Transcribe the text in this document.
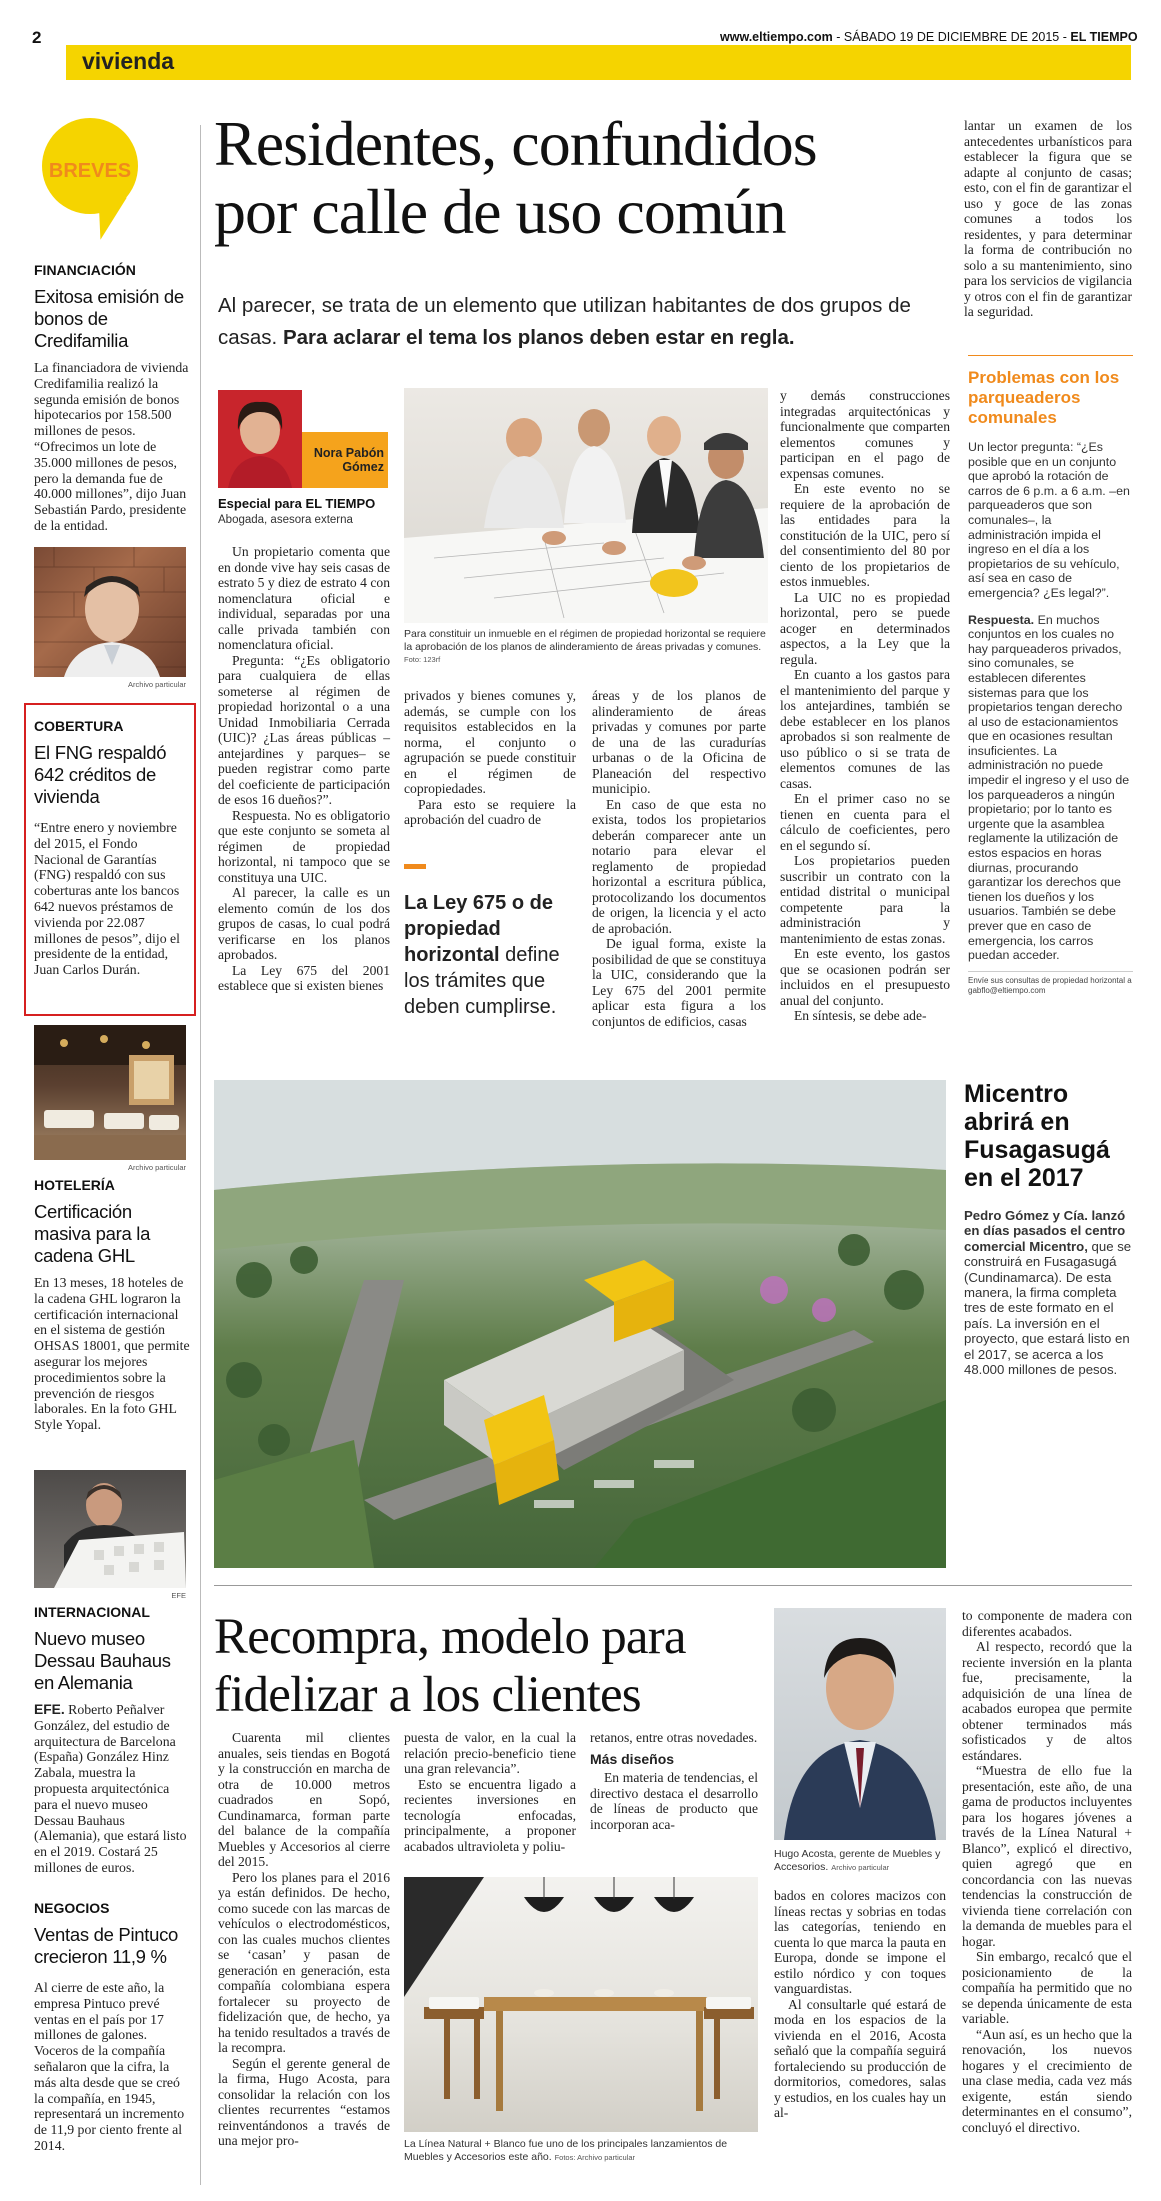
2
vivienda
www.eltiempo.com - SÁBADO 19 DE DICIEMBRE DE 2015 - EL TIEMPO
BREVES
FINANCIACIÓN
Exitosa emisión de bonos de Credifamilia
La financiadora de vivienda Credifamilia realizó la segunda emisión de bonos hipotecarios por 158.500 millones de pesos. “Ofrecimos un lote de 35.000 millones de pesos, pero la demanda fue de 40.000 millones”, dijo Juan Sebastián Pardo, presidente de la entidad.
Archivo particular
COBERTURA
El FNG respaldó 642 créditos de vivienda
“Entre enero y noviembre del 2015, el Fondo Nacional de Garantías (FNG) respaldó con sus coberturas ante los bancos 642 nuevos préstamos de vivienda por 22.087 millones de pesos”, dijo el presidente de la entidad, Juan Carlos Durán.
Archivo particular
HOTELERÍA
Certificación masiva para la cadena GHL
En 13 meses, 18 hoteles de la cadena GHL lograron la certificación internacional en el sistema de gestión OHSAS 18001, que permite asegurar los mejores procedimientos sobre la prevención de riesgos laborales. En la foto GHL Style Yopal.
EFE
INTERNACIONAL
Nuevo museo Dessau Bauhaus en Alemania
EFE. Roberto Peñalver González, del estudio de arquitectura de Barcelona (España) González Hinz Zabala, muestra la propuesta arquitectónica para el nuevo museo Dessau Bauhaus (Alemania), que estará listo en el 2019. Costará 25 millones de euros.
NEGOCIOS
Ventas de Pintuco crecieron 11,9 %
Al cierre de este año, la empresa Pintuco prevé ventas en el país por 17 millones de galones. Voceros de la compañía señalaron que la cifra, la más alta desde que se creó la compañía, en 1945, representará un incremento de 11,9 por ciento frente al 2014.
Residentes, confundidos
por calle de uso común
Al parecer, se trata de un elemento que utilizan habitantes de dos grupos de casas. Para aclarar el tema los planos deben estar en regla.
Nora Pabón
Gómez
Especial para EL TIEMPO
Abogada, asesora externa
Para constituir un inmueble en el régimen de propiedad horizontal se requiere la aprobación de los planos de alinderamiento de áreas privadas y comunes. Foto: 123rf

Un propietario comenta que en donde vive hay seis casas de estrato 5 y diez de estrato 4 con nomenclatura oficial e individual, separadas por una calle privada también con nomenclatura oficial.

Pregunta: “¿Es obligatorio para cualquiera de ellas someterse al régimen de propiedad horizontal o a una Unidad Inmobiliaria Cerrada (UIC)? ¿Las áreas públicas –antejardines y parques– se pueden registrar como parte del coeficiente de participación de esos 16 dueños?”.

Respuesta. No es obligatorio que este conjunto se someta al régimen de propiedad horizontal, ni tampoco que se constituya una UIC.

Al parecer, la calle es un elemento común de los dos grupos de casas, lo cual podrá verificarse en los planos aprobados.

La Ley 675 del 2001 establece que si existen bienes

privados y bienes comunes y, además, se cumple con los requisitos establecidos en la norma, el conjunto o agrupación se puede constituir en el régimen de copropiedades.

Para esto se requiere la aprobación del cuadro de

La Ley 675 o de propiedad horizontal define los trámites que deben cumplirse.

áreas y de los planos de alinderamiento de áreas privadas y comunes por parte de una de las curadurías urbanas o de la Oficina de Planeación del respectivo municipio.

En caso de que esta no exista, todos los propietarios deberán comparecer ante un notario para elevar el reglamento de propiedad horizontal a escritura pública, protocolizando los documentos de origen, la licencia y el acto de aprobación.

De igual forma, existe la posibilidad de que se constituya la UIC, considerando que la Ley 675 del 2001 permite aplicar esta figura a los conjuntos de edificios, casas

y demás construcciones integradas arquitectónicas y funcionalmente que comparten elementos comunes y participan en el pago de expensas comunes.

En este evento no se requiere de la aprobación de las entidades para la constitución de la UIC, pero sí del consentimiento del 80 por ciento de los propietarios de estos inmuebles.

La UIC no es propiedad horizontal, pero se puede acoger en determinados aspectos, a la Ley que la regula.

En cuanto a los gastos para el mantenimiento del parque y los antejardines, también se debe establecer en los planos aprobados si son realmente de uso público o si se trata de elementos comunes de las casas.

En el primer caso no se tienen en cuenta para el cálculo de coeficientes, pero en el segundo sí.

Los propietarios pueden suscribir un contrato con la entidad distrital o municipal competente para la administración y mantenimiento de estas zonas.

En este evento, los gastos que se ocasionen podrán ser incluidos en el presupuesto anual del conjunto.

En síntesis, se debe ade-

lantar un examen de los antecedentes urbanísticos para establecer la figura que se adapte al conjunto de casas; esto, con el fin de garantizar el uso y goce de las zonas comunes a todos los residentes, y para determinar la forma de contribución no solo a su mantenimiento, sino para los servicios de vigilancia y otros con el fin de garantizar la seguridad.

Problemas con los parqueaderos comunales
Un lector pregunta: “¿Es posible que en un conjunto que aprobó la rotación de carros de 6 p.m. a 6 a.m. –en parqueaderos que son comunales–, la administración impida el ingreso en el día a los propietarios de su vehículo, así sea en caso de emergencia? ¿Es legal?”.
Respuesta. En muchos conjuntos en los cuales no hay parqueaderos privados, sino comunales, se establecen diferentes sistemas para que los propietarios tengan derecho al uso de estacionamientos que en ocasiones resultan insuficientes. La administración no puede impedir el ingreso y el uso de los parqueaderos a ningún propietario; por lo tanto es urgente que la asamblea reglamente la utilización de estos espacios en horas diurnas, procurando garantizar los derechos que tienen los dueños y los usuarios. También se debe prever que en caso de emergencia, los carros puedan acceder.
Envíe sus consultas de propiedad horizontal a gabflo@eltiempo.com
Micentro abrirá en Fusagasugá en el 2017
Pedro Gómez y Cía. lanzó en días pasados el centro comercial Micentro, que se construirá en Fusagasugá (Cundinamarca). De esta manera, la firma completa tres de este formato en el país. La inversión en el proyecto, que estará listo en el 2017, se acerca a los 48.000 millones de pesos.
Recompra, modelo para
fidelizar a los clientes

Cuarenta mil clientes anuales, seis tiendas en Bogotá y la construcción en marcha de otra de 10.000 metros cuadrados en Sopó, Cundinamarca, forman parte del balance de la compañía Muebles y Accesorios al cierre del 2015.

Pero los planes para el 2016 ya están definidos. De hecho, como sucede con las marcas de vehículos o electrodomésticos, con las cuales muchos clientes se ‘casan’ y pasan de generación en generación, esta compañía colombiana espera fortalecer su proyecto de fidelización que, de hecho, ya ha tenido resultados a través de la recompra.

Según el gerente general de la firma, Hugo Acosta, para consolidar la relación con los clientes recurrentes “estamos reinventándonos a través de una mejor pro-

puesta de valor, en la cual la relación precio-beneficio tiene una gran relevancia”.

Esto se encuentra ligado a recientes inversiones en tecnología enfocadas, principalmente, a proponer acabados ultravioleta y poliu-

retanos, entre otras novedades.

Más diseños

En materia de tendencias, el directivo destaca el desarrollo de líneas de producto que incorporan aca-

La Línea Natural + Blanco fue uno de los principales lanzamientos de Muebles y Accesorios este año. Fotos: Archivo particular
Hugo Acosta, gerente de Muebles y Accesorios. Archivo particular

bados en colores macizos con líneas rectas y sobrias en todas las categorías, teniendo en cuenta lo que marca la pauta en Europa, donde se impone el estilo nórdico y con toques vanguardistas.

Al consultarle qué estará de moda en los espacios de la vivienda en el 2016, Acosta señaló que la compañía seguirá fortaleciendo su producción de dormitorios, comedores, salas y estudios, en los cuales hay un al-

to componente de madera con diferentes acabados.

Al respecto, recordó que la reciente inversión en la planta fue, precisamente, la adquisición de una línea de acabados europea que permite obtener terminados más sofisticados y de altos estándares.

“Muestra de ello fue la presentación, este año, de una gama de productos incluyentes para los hogares jóvenes a través de la Línea Natural + Blanco”, explicó el directivo, quien agregó que en concordancia con las nuevas tendencias la construcción de vivienda tiene correlación con la demanda de muebles para el hogar.

Sin embargo, recalcó que el posicionamiento de la compañía ha permitido que no se dependa únicamente de esta variable.

“Aun así, es un hecho que la renovación, los nuevos hogares y el crecimiento de una clase media, cada vez más exigente, están siendo determinantes en el consumo”, concluyó el directivo.
